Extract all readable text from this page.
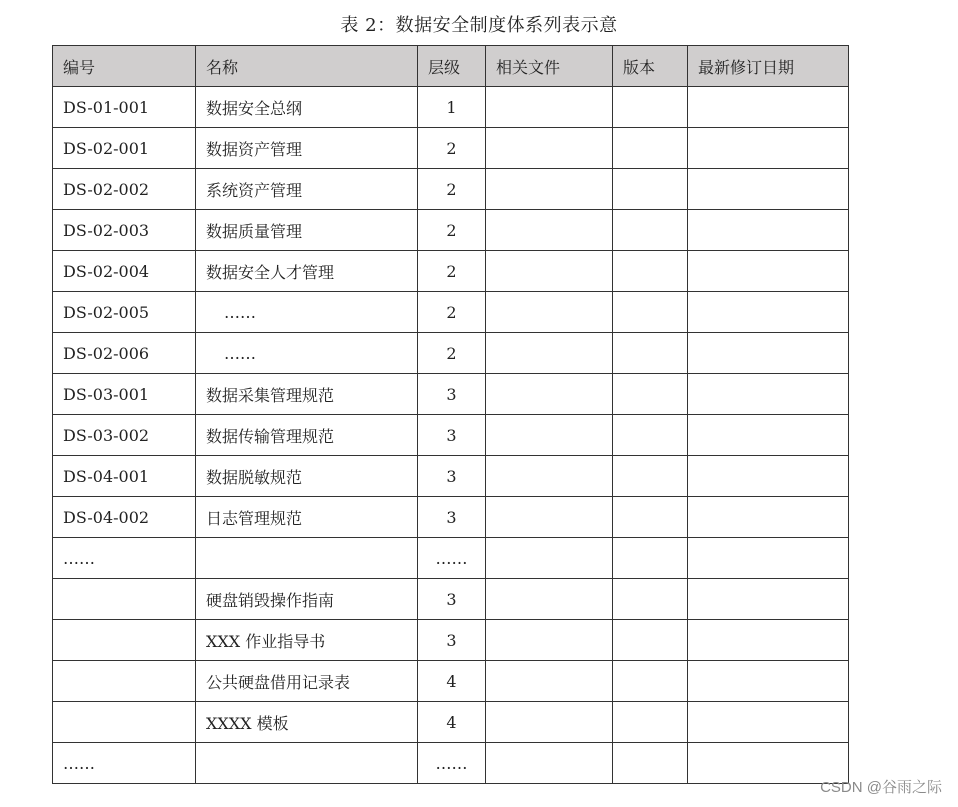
表 2：数据安全制度体系列表示意
编号	名称	层级	相关文件	版本	最新修订日期
DS-01-001	数据安全总纲	1			
DS-02-001	数据资产管理	2			
DS-02-002	系统资产管理	2			
DS-02-003	数据质量管理	2			
DS-02-004	数据安全人才管理	2			
DS-02-005	……	2			
DS-02-006	……	2			
DS-03-001	数据采集管理规范	3			
DS-03-002	数据传输管理规范	3			
DS-04-001	数据脱敏规范	3			
DS-04-002	日志管理规范	3			
……		……			
	硬盘销毁操作指南	3			
	XXX 作业指导书	3			
	公共硬盘借用记录表	4			
	XXXX 模板	4			
……		……			
CSDN @谷雨之际
